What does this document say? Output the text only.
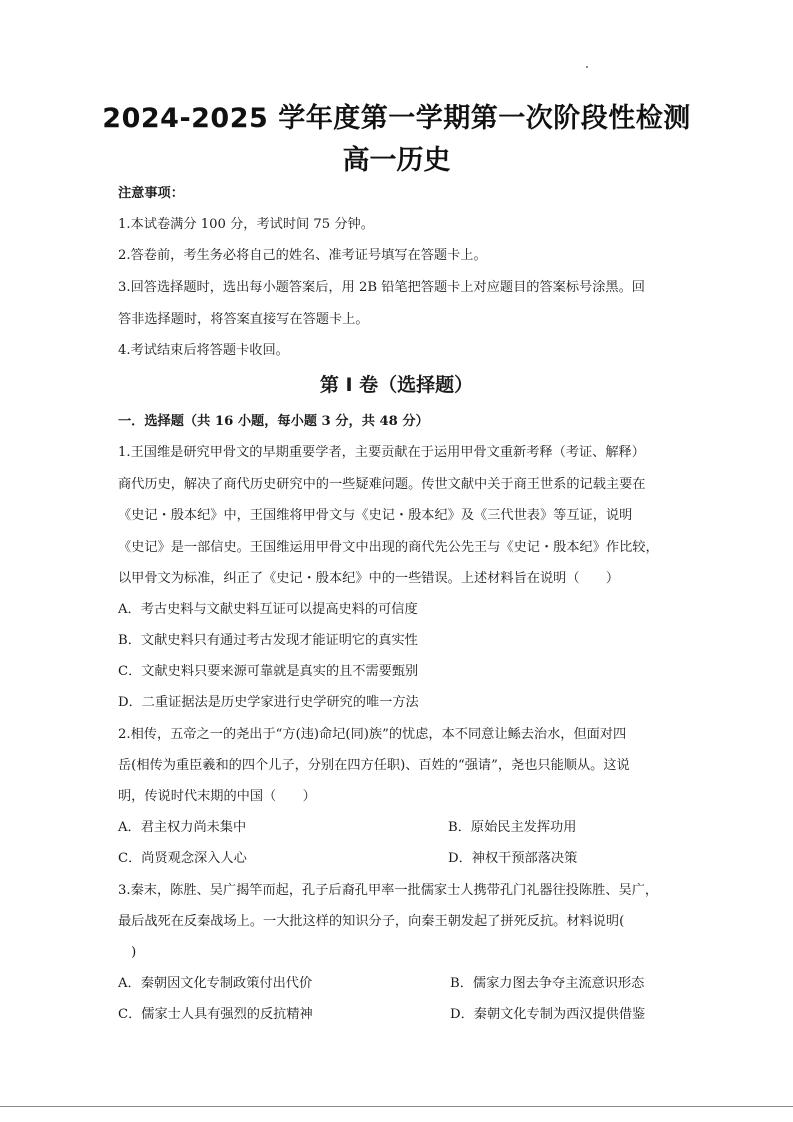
2024-2025 学年度第一学期第一次阶段性检测
高一历史
注意事项：
1.本试卷满分 100 分，考试时间 75 分钟。
2.答卷前，考生务必将自己的姓名、准考证号填写在答题卡上。
3.回答选择题时，选出每小题答案后，用 2B 铅笔把答题卡上对应题目的答案标号涂黑。回
答非选择题时，将答案直接写在答题卡上。
4.考试结束后将答题卡收回。
第 I 卷（选择题）
一．选择题（共 16 小题，每小题 3 分，共 48 分）
1.王国维是研究甲骨文的早期重要学者，主要贡献在于运用甲骨文重新考释（考证、解释）
商代历史，解决了商代历史研究中的一些疑难问题。传世文献中关于商王世系的记载主要在
《史记・殷本纪》中，王国维将甲骨文与《史记・殷本纪》及《三代世表》等互证，说明
《史记》是一部信史。王国维运用甲骨文中出现的商代先公先王与《史记・殷本纪》作比较，
以甲骨文为标准，纠正了《史记・殷本纪》中的一些错误。上述材料旨在说明（　　）
A．考古史料与文献史料互证可以提高史料的可信度
B．文献史料只有通过考古发现才能证明它的真实性
C．文献史料只要来源可靠就是真实的且不需要甄别
D．二重证据法是历史学家进行史学研究的唯一方法
2.相传，五帝之一的尧出于“方(违)命圮(同)族”的忧虑，本不同意让鲧去治水，但面对四
岳(相传为重臣羲和的四个儿子，分别在四方任职)、百姓的“强请”，尧也只能顺从。这说
明，传说时代末期的中国（　　）
A．君主权力尚未集中	B．原始民主发挥功用
C．尚贤观念深入人心	D．神权干预部落决策
3.秦末，陈胜、吴广揭竿而起，孔子后裔孔甲率一批儒家士人携带孔门礼器往投陈胜、吴广，
最后战死在反秦战场上。一大批这样的知识分子，向秦王朝发起了拼死反抗。材料说明(
　)
A．秦朝因文化专制政策付出代价	B．儒家力图去争夺主流意识形态
C．儒家士人具有强烈的反抗精神	D．秦朝文化专制为西汉提供借鉴
